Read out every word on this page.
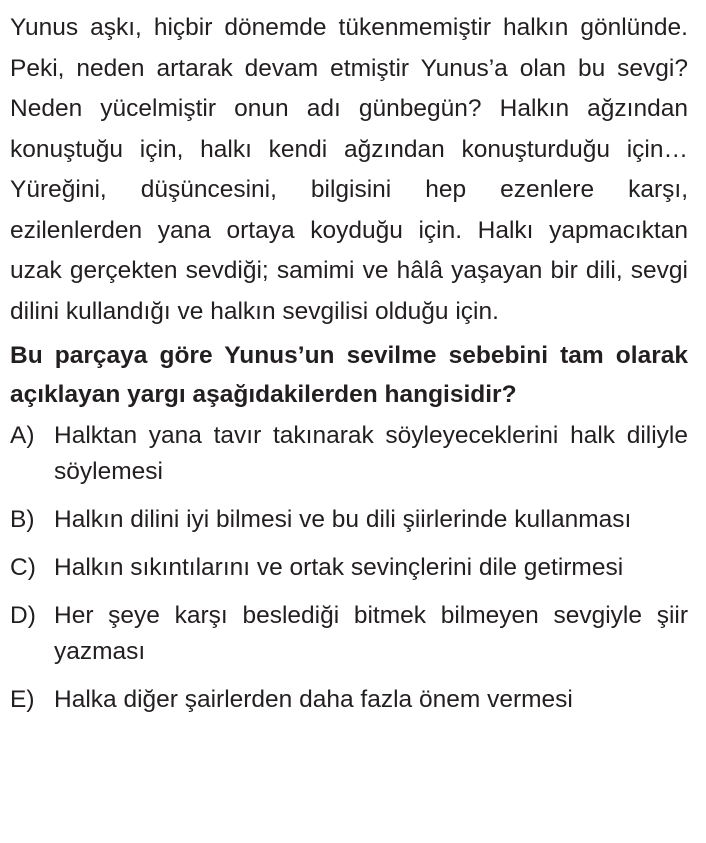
Yunus aşkı, hiçbir dönemde tükenmemiştir halkın gönlünde. Peki, neden artarak devam etmiştir Yunus’a olan bu sevgi? Neden yücelmiştir onun adı günbegün? Halkın ağzından konuştuğu için, halkı kendi ağzından konuşturduğu için… Yüreğini, düşüncesini, bilgisini hep ezenlere karşı, ezilenlerden yana ortaya koyduğu için. Halkı yapmacıktan uzak gerçekten sevdiği; samimi ve hâlâ yaşayan bir dili, sevgi dilini kullandığı ve halkın sevgilisi olduğu için.

Bu parçaya göre Yunus’un sevilme sebebini tam olarak açıklayan yargı aşağıdakilerden hangisidir?

A) Halktan yana tavır takınarak söyleyeceklerini halk diliyle söylemesi
B) Halkın dilini iyi bilmesi ve bu dili şiirlerinde kullanması
C) Halkın sıkıntılarını ve ortak sevinçlerini dile getirmesi
D) Her şeye karşı beslediği bitmek bilmeyen sevgiyle şiir yazması
E) Halka diğer şairlerden daha fazla önem vermesi
